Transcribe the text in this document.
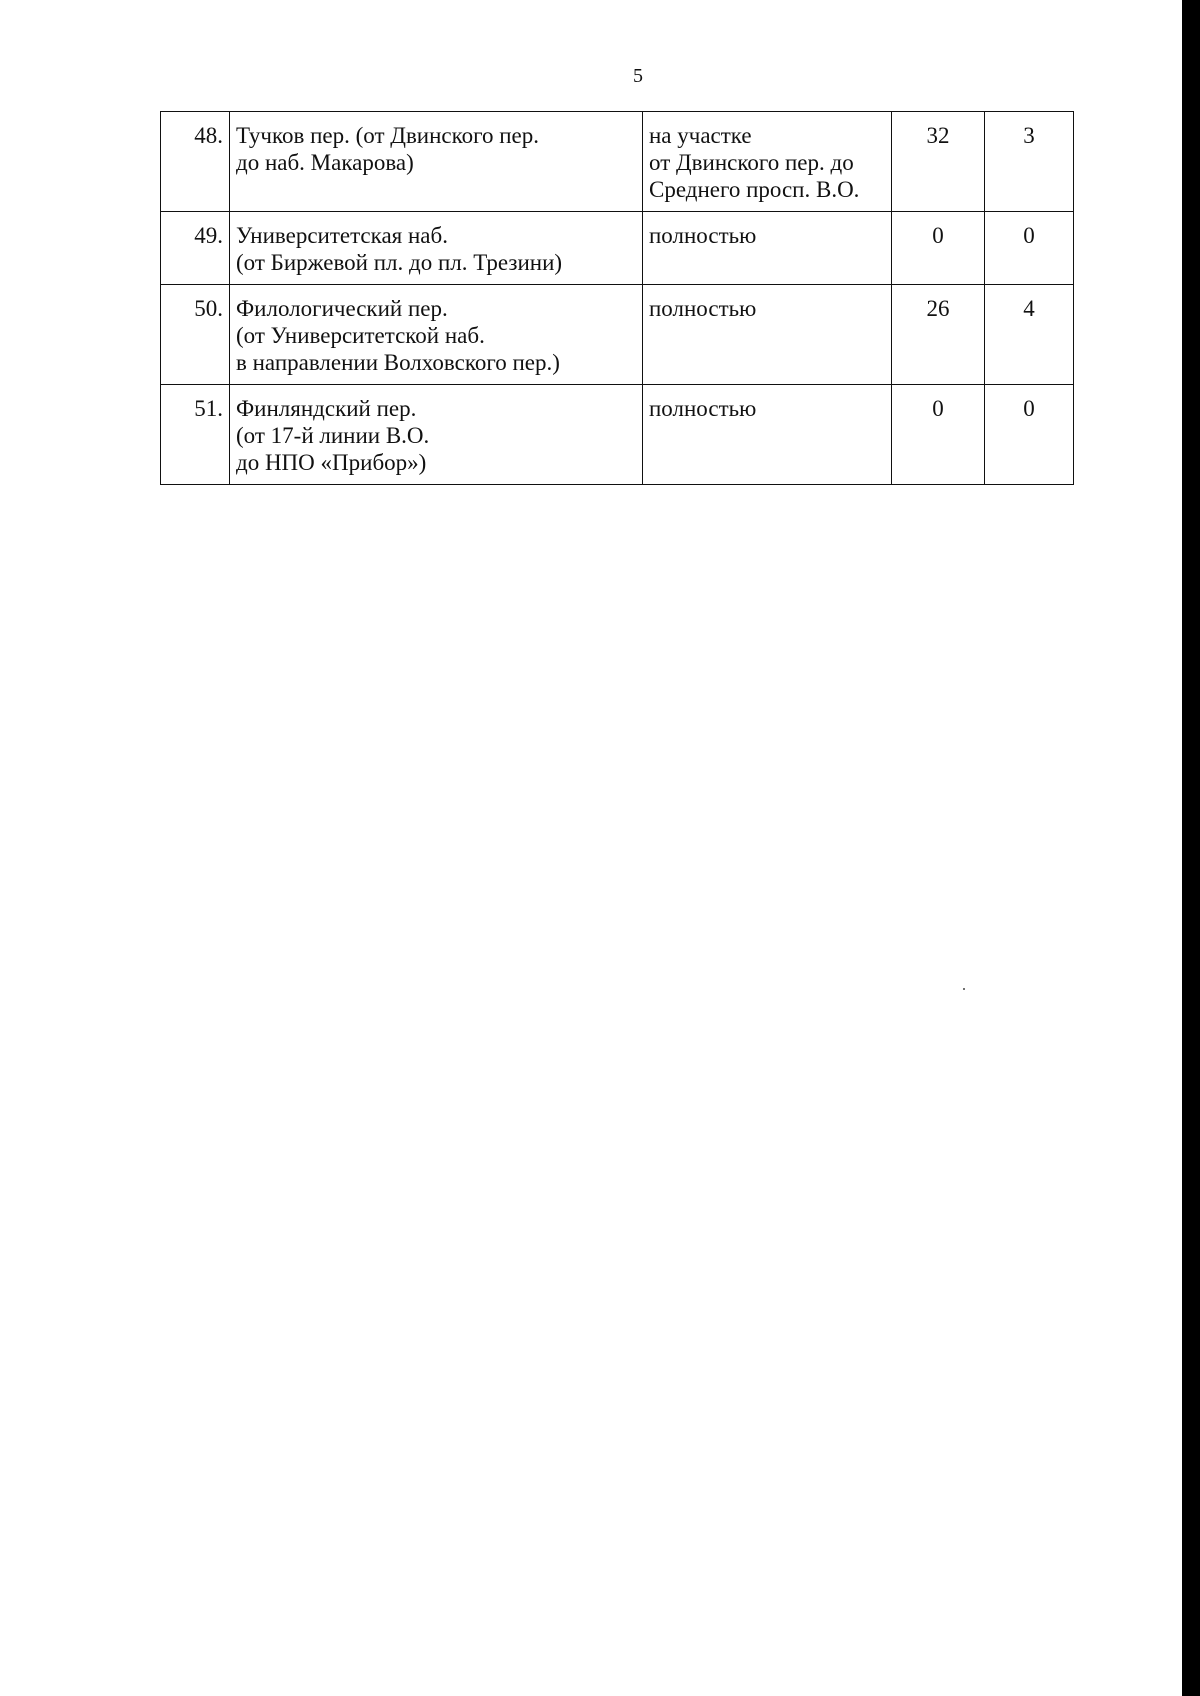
5
48.	Тучков пер. (от Двинского пер.
до наб. Макарова)	на участке
от Двинского пер. до
Среднего просп. В.О.	32	3
49.	Университетская наб.
(от Биржевой пл. до пл. Трезини)	полностью	0	0
50.	Филологический пер.
(от Университетской наб.
в направлении Волховского пер.)	полностью	26	4
51.	Финляндский пер.
(от 17-й линии В.О.
до НПО «Прибор»)	полностью	0	0
